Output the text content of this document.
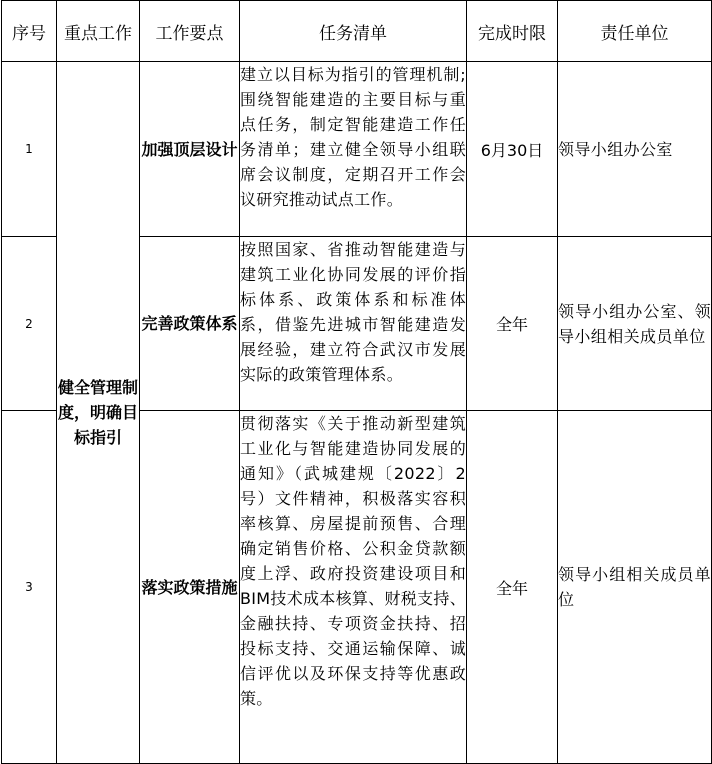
序号	重点工作	工作要点	任务清单	完成时限	责任单位
1	健全管理制度，明确目标指引	加强顶层设计	建立以目标为指引的管理机制;围绕智能建造的主要目标与重点任务，制定智能建造工作任务清单；建立健全领导小组联席会议制度，定期召开工作会议研究推动试点工作。	6月30日	领导小组办公室
2		完善政策体系	按照国家、省推动智能建造与建筑工业化协同发展的评价指标体系、政策体系和标准体系，借鉴先进城市智能建造发展经验，建立符合武汉市发展实际的政策管理体系。	全年	领导小组办公室、领导小组相关成员单位
3		落实政策措施	贯彻落实《关于推动新型建筑工业化与智能建造协同发展的通知》（武城建规〔2022〕2号）文件精神，积极落实容积率核算、房屋提前预售、合理确定销售价格、公积金贷款额度上浮、政府投资建设项目和BIM技术成本核算、财税支持、金融扶持、专项资金扶持、招投标支持、交通运输保障、诚信评优以及环保支持等优惠政策。	全年	领导小组相关成员单位
